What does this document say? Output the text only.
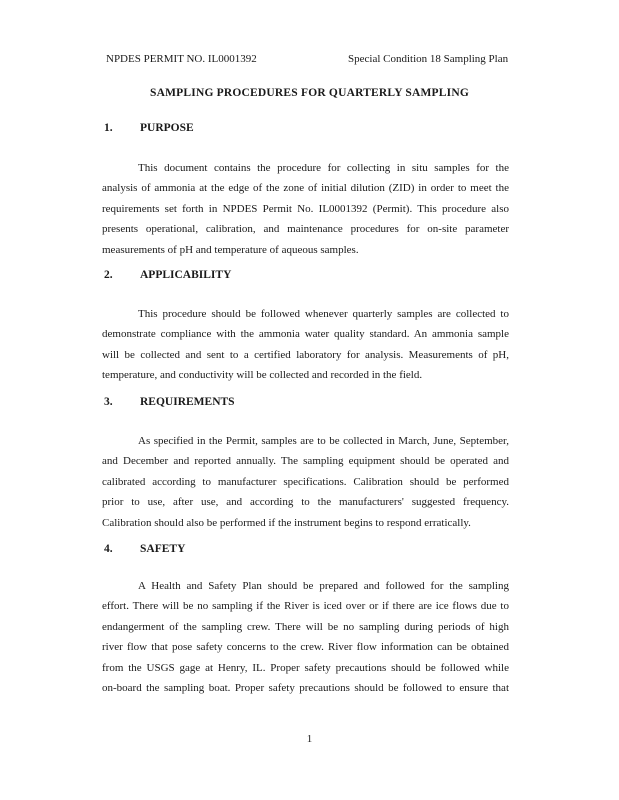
NPDES PERMIT NO. IL0001392	Special Condition 18 Sampling Plan
SAMPLING PROCEDURES FOR QUARTERLY SAMPLING
1. PURPOSE
This document contains the procedure for collecting in situ samples for the
analysis of ammonia at the edge of the zone of initial dilution (ZID) in order to meet the
requirements set forth in NPDES Permit No. IL0001392 (Permit). This procedure also
presents operational, calibration, and maintenance procedures for on-site parameter
measurements of pH and temperature of aqueous samples.
2. APPLICABILITY
This procedure should be followed whenever quarterly samples are collected to
demonstrate compliance with the ammonia water quality standard. An ammonia sample
will be collected and sent to a certified laboratory for analysis. Measurements of pH,
temperature, and conductivity will be collected and recorded in the field.
3. REQUIREMENTS
As specified in the Permit, samples are to be collected in March, June, September,
and December and reported annually. The sampling equipment should be operated and
calibrated according to manufacturer specifications. Calibration should be performed
prior to use, after use, and according to the manufacturers' suggested frequency.
Calibration should also be performed if the instrument begins to respond erratically.
4. SAFETY
A Health and Safety Plan should be prepared and followed for the sampling
effort. There will be no sampling if the River is iced over or if there are ice flows due to
endangerment of the sampling crew. There will be no sampling during periods of high
river flow that pose safety concerns to the crew. River flow information can be obtained
from the USGS gage at Henry, IL. Proper safety precautions should be followed while
on-board the sampling boat. Proper safety precautions should be followed to ensure that
1
